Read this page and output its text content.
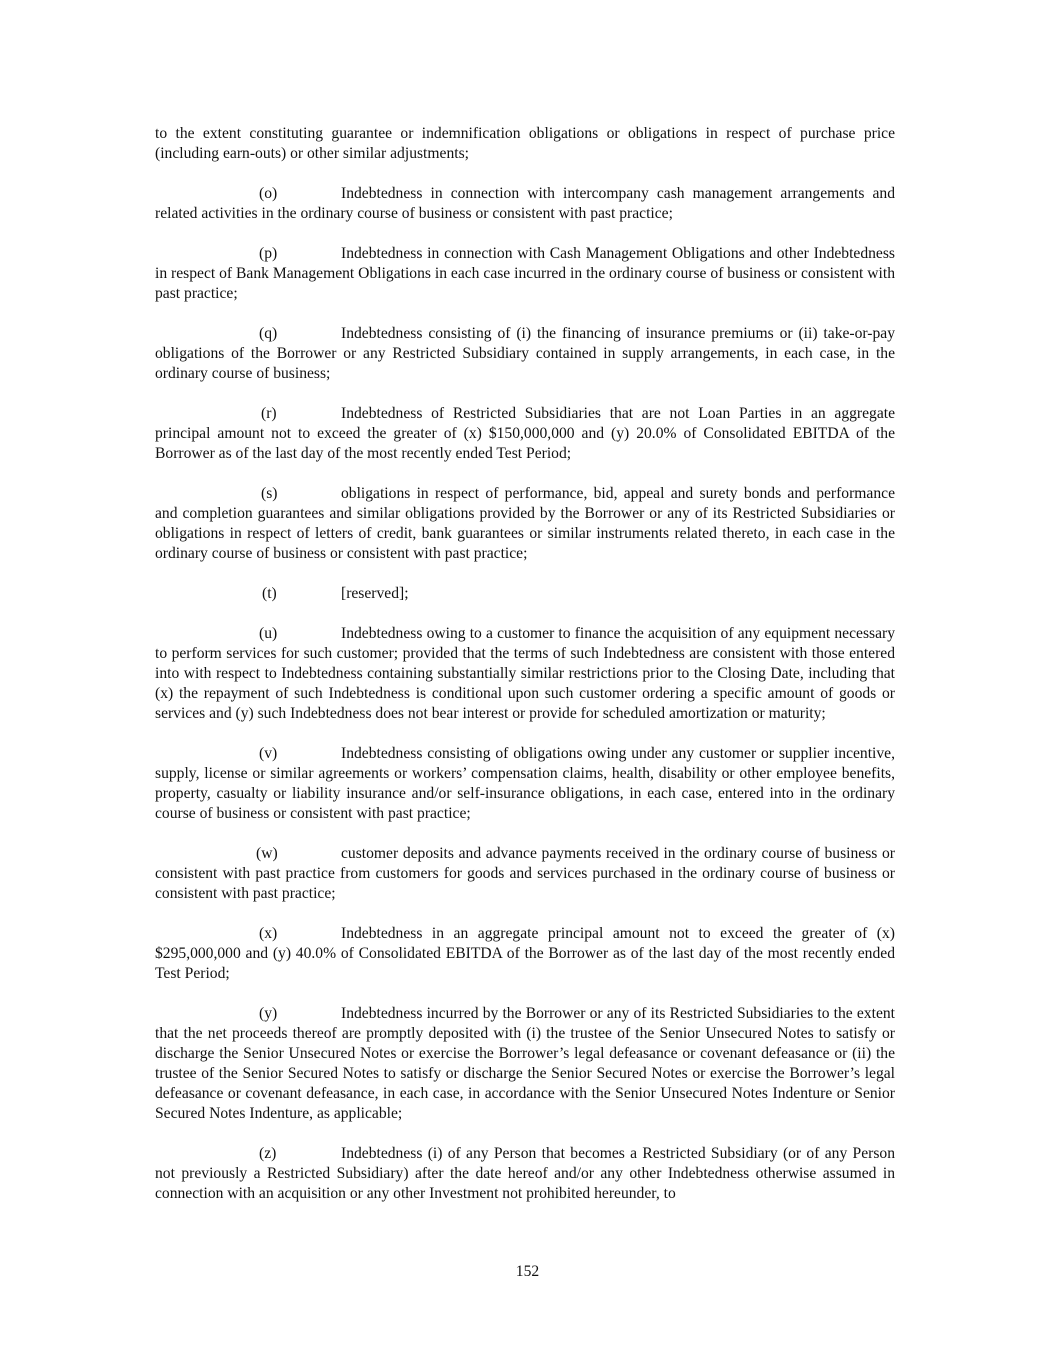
to the extent constituting guarantee or indemnification obligations or obligations in respect of purchase price (including earn-outs) or other similar adjustments;

(o)	Indebtedness in connection with intercompany cash management arrangements and related activities in the ordinary course of business or consistent with past practice;

(p)	Indebtedness in connection with Cash Management Obligations and other Indebtedness in respect of Bank Management Obligations in each case incurred in the ordinary course of business or consistent with past practice;

(q)	Indebtedness consisting of (i) the financing of insurance premiums or (ii) take-or-pay obligations of the Borrower or any Restricted Subsidiary contained in supply arrangements, in each case, in the ordinary course of business;

(r)	Indebtedness of Restricted Subsidiaries that are not Loan Parties in an aggregate principal amount not to exceed the greater of (x) $150,000,000 and (y) 20.0% of Consolidated EBITDA of the Borrower as of the last day of the most recently ended Test Period;

(s)	obligations in respect of performance, bid, appeal and surety bonds and performance and completion guarantees and similar obligations provided by the Borrower or any of its Restricted Subsidiaries or obligations in respect of letters of credit, bank guarantees or similar instruments related thereto, in each case in the ordinary course of business or consistent with past practice;

(t)	[reserved];

(u)	Indebtedness owing to a customer to finance the acquisition of any equipment necessary to perform services for such customer; provided that the terms of such Indebtedness are consistent with those entered into with respect to Indebtedness containing substantially similar restrictions prior to the Closing Date, including that (x) the repayment of such Indebtedness is conditional upon such customer ordering a specific amount of goods or services and (y) such Indebtedness does not bear interest or provide for scheduled amortization or maturity;

(v)	Indebtedness consisting of obligations owing under any customer or supplier incentive, supply, license or similar agreements or workers’ compensation claims, health, disability or other employee benefits, property, casualty or liability insurance and/or self-insurance obligations, in each case, entered into in the ordinary course of business or consistent with past practice;

(w)	customer deposits and advance payments received in the ordinary course of business or consistent with past practice from customers for goods and services purchased in the ordinary course of business or consistent with past practice;

(x)	Indebtedness in an aggregate principal amount not to exceed the greater of (x) $295,000,000 and (y) 40.0% of Consolidated EBITDA of the Borrower as of the last day of the most recently ended Test Period;

(y)	Indebtedness incurred by the Borrower or any of its Restricted Subsidiaries to the extent that the net proceeds thereof are promptly deposited with (i) the trustee of the Senior Unsecured Notes to satisfy or discharge the Senior Unsecured Notes or exercise the Borrower’s legal defeasance or covenant defeasance or (ii) the trustee of the Senior Secured Notes to satisfy or discharge the Senior Secured Notes or exercise the Borrower’s legal defeasance or covenant defeasance, in each case, in accordance with the Senior Unsecured Notes Indenture or Senior Secured Notes Indenture, as applicable;

(z)	Indebtedness (i) of any Person that becomes a Restricted Subsidiary (or of any Person not previously a Restricted Subsidiary) after the date hereof and/or any other Indebtedness otherwise assumed in connection with an acquisition or any other Investment not prohibited hereunder, to

152
